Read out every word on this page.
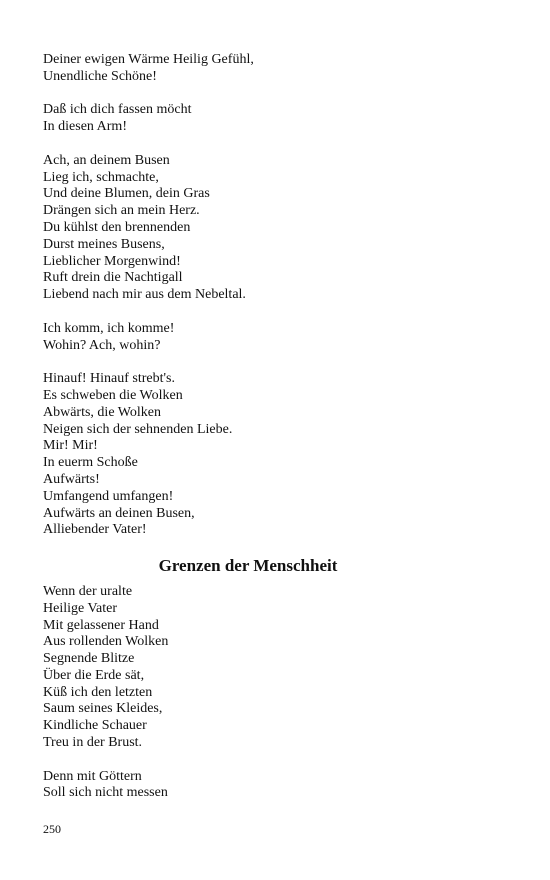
Deiner ewigen Wärme Heilig Gefühl,
Unendliche Schöne!
Daß ich dich fassen möcht
In diesen Arm!
Ach, an deinem Busen
Lieg ich, schmachte,
Und deine Blumen, dein Gras
Drängen sich an mein Herz.
Du kühlst den brennenden
Durst meines Busens,
Lieblicher Morgenwind!
Ruft drein die Nachtigall
Liebend nach mir aus dem Nebeltal.
Ich komm, ich komme!
Wohin? Ach, wohin?
Hinauf! Hinauf strebt's.
Es schweben die Wolken
Abwärts, die Wolken
Neigen sich der sehnenden Liebe.
Mir! Mir!
In euerm Schoße
Aufwärts!
Umfangend umfangen!
Aufwärts an deinen Busen,
Alliebender Vater!
Grenzen der Menschheit
Wenn der uralte
Heilige Vater
Mit gelassener Hand
Aus rollenden Wolken
Segnende Blitze
Über die Erde sät,
Küß ich den letzten
Saum seines Kleides,
Kindliche Schauer
Treu in der Brust.
Denn mit Göttern
Soll sich nicht messen
250
